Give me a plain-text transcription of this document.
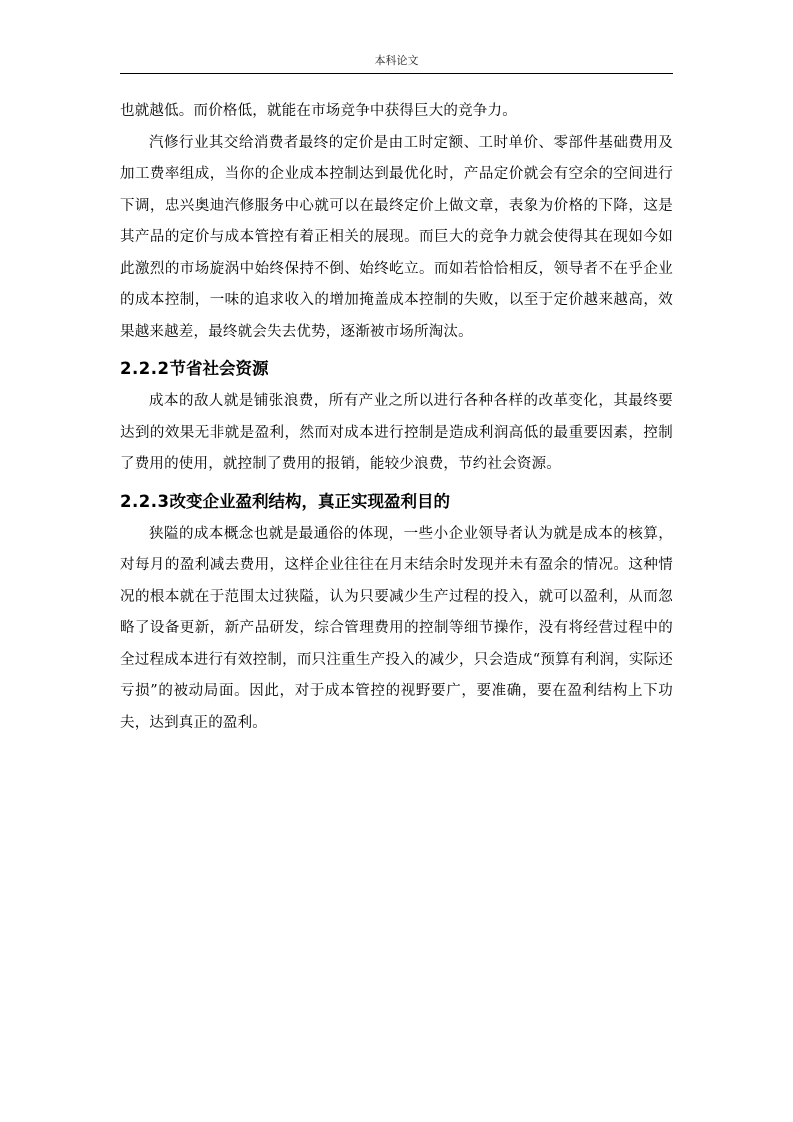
本科论文

也就越低。而价格低，就能在市场竞争中获得巨大的竞争力。

汽修行业其交给消费者最终的定价是由工时定额、工时单价、零部件基础费用及加工费率组成，当你的企业成本控制达到最优化时，产品定价就会有空余的空间进行下调，忠兴奥迪汽修服务中心就可以在最终定价上做文章，表象为价格的下降，这是其产品的定价与成本管控有着正相关的展现。而巨大的竞争力就会使得其在现如今如此激烈的市场旋涡中始终保持不倒、始终屹立。而如若恰恰相反，领导者不在乎企业的成本控制，一味的追求收入的增加掩盖成本控制的失败，以至于定价越来越高，效果越来越差，最终就会失去优势，逐渐被市场所淘汰。

2.2.2节省社会资源

成本的敌人就是铺张浪费，所有产业之所以进行各种各样的改革变化，其最终要达到的效果无非就是盈利，然而对成本进行控制是造成利润高低的最重要因素，控制了费用的使用，就控制了费用的报销，能较少浪费，节约社会资源。

2.2.3改变企业盈利结构，真正实现盈利目的

狭隘的成本概念也就是最通俗的体现，一些小企业领导者认为就是成本的核算，对每月的盈利减去费用，这样企业往往在月末结余时发现并未有盈余的情况。这种情况的根本就在于范围太过狭隘，认为只要减少生产过程的投入，就可以盈利，从而忽略了设备更新，新产品研发，综合管理费用的控制等细节操作，没有将经营过程中的全过程成本进行有效控制，而只注重生产投入的减少，只会造成“预算有利润，实际还亏损”的被动局面。因此，对于成本管控的视野要广，要准确，要在盈利结构上下功夫，达到真正的盈利。
